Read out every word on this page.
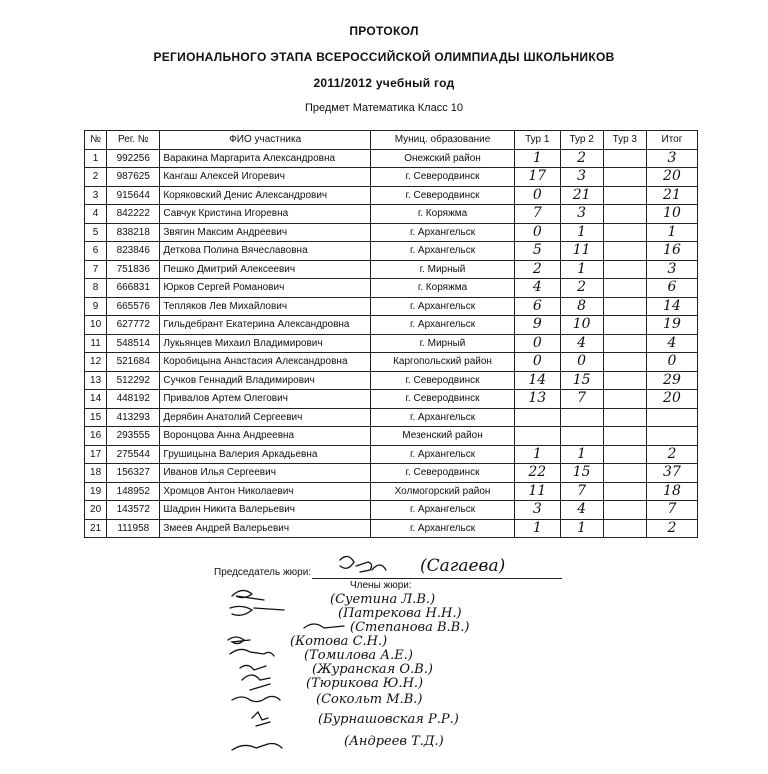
ПРОТОКОЛ
РЕГИОНАЛЬНОГО ЭТАПА ВСЕРОССИЙСКОЙ ОЛИМПИАДЫ ШКОЛЬНИКОВ
2011/2012 учебный год
Предмет Математика Класс 10
№	Рег. №	ФИО участника	Муниц. образование	Тур 1	Тур 2	Тур 3	Итог
1	992256	Варакина Маргарита Александровна	Онежский район	1	2		3
2	987625	Кангаш Алексей Игоревич	г. Северодвинск	17	3		20
3	915644	Коряковский Денис Александрович	г. Северодвинск	0	21		21
4	842222	Савчук Кристина Игоревна	г. Коряжма	7	3		10
5	838218	Звягин Максим Андреевич	г. Архангельск	0	1		1
6	823846	Деткова Полина Вячеславовна	г. Архангельск	5	11		16
7	751836	Пешко Дмитрий Алексеевич	г. Мирный	2	1		3
8	666831	Юрков Сергей Романович	г. Коряжма	4	2		6
9	665576	Тепляков Лев Михайлович	г. Архангельск	6	8		14
10	627772	Гильдебрант Екатерина Александровна	г. Архангельск	9	10		19
11	548514	Лукьянцев Михаил Владимирович	г. Мирный	0	4		4
12	521684	Коробицына Анастасия Александровна	Каргопольский район	0	0		0
13	512292	Сучков Геннадий Владимирович	г. Северодвинск	14	15		29
14	448192	Привалов Артем Олегович	г. Северодвинск	13	7		20
15	413293	Дерябин Анатолий Сергеевич	г. Архангельск				
16	293555	Воронцова Анна Андреевна	Мезенский район				
17	275544	Грушицына Валерия Аркадьевна	г. Архангельск	1	1		2
18	156327	Иванов Илья Сергеевич	г. Северодвинск	22	15		37
19	148952	Хромцов Антон Николаевич	Холмогорский район	11	7		18
20	143572	Шадрин Никита Валерьевич	г. Архангельск	3	4		7
21	111958	Змеев Андрей Валерьевич	г. Архангельск	1	1		2
Председатель жюри:	(Сагаева)
Члены жюри:
(Суетина Л.В.)
(Патрекова Н.Н.)
(Степанова В.В.)
(Котова С.Н.)
(Томилова А.Е.)
(Журанская О.В.)
(Тюрикова Ю.Н.)
(Сокольт М.В.)
(Бурнашовская Р.Р.)
(Андреев Т.Д.)
